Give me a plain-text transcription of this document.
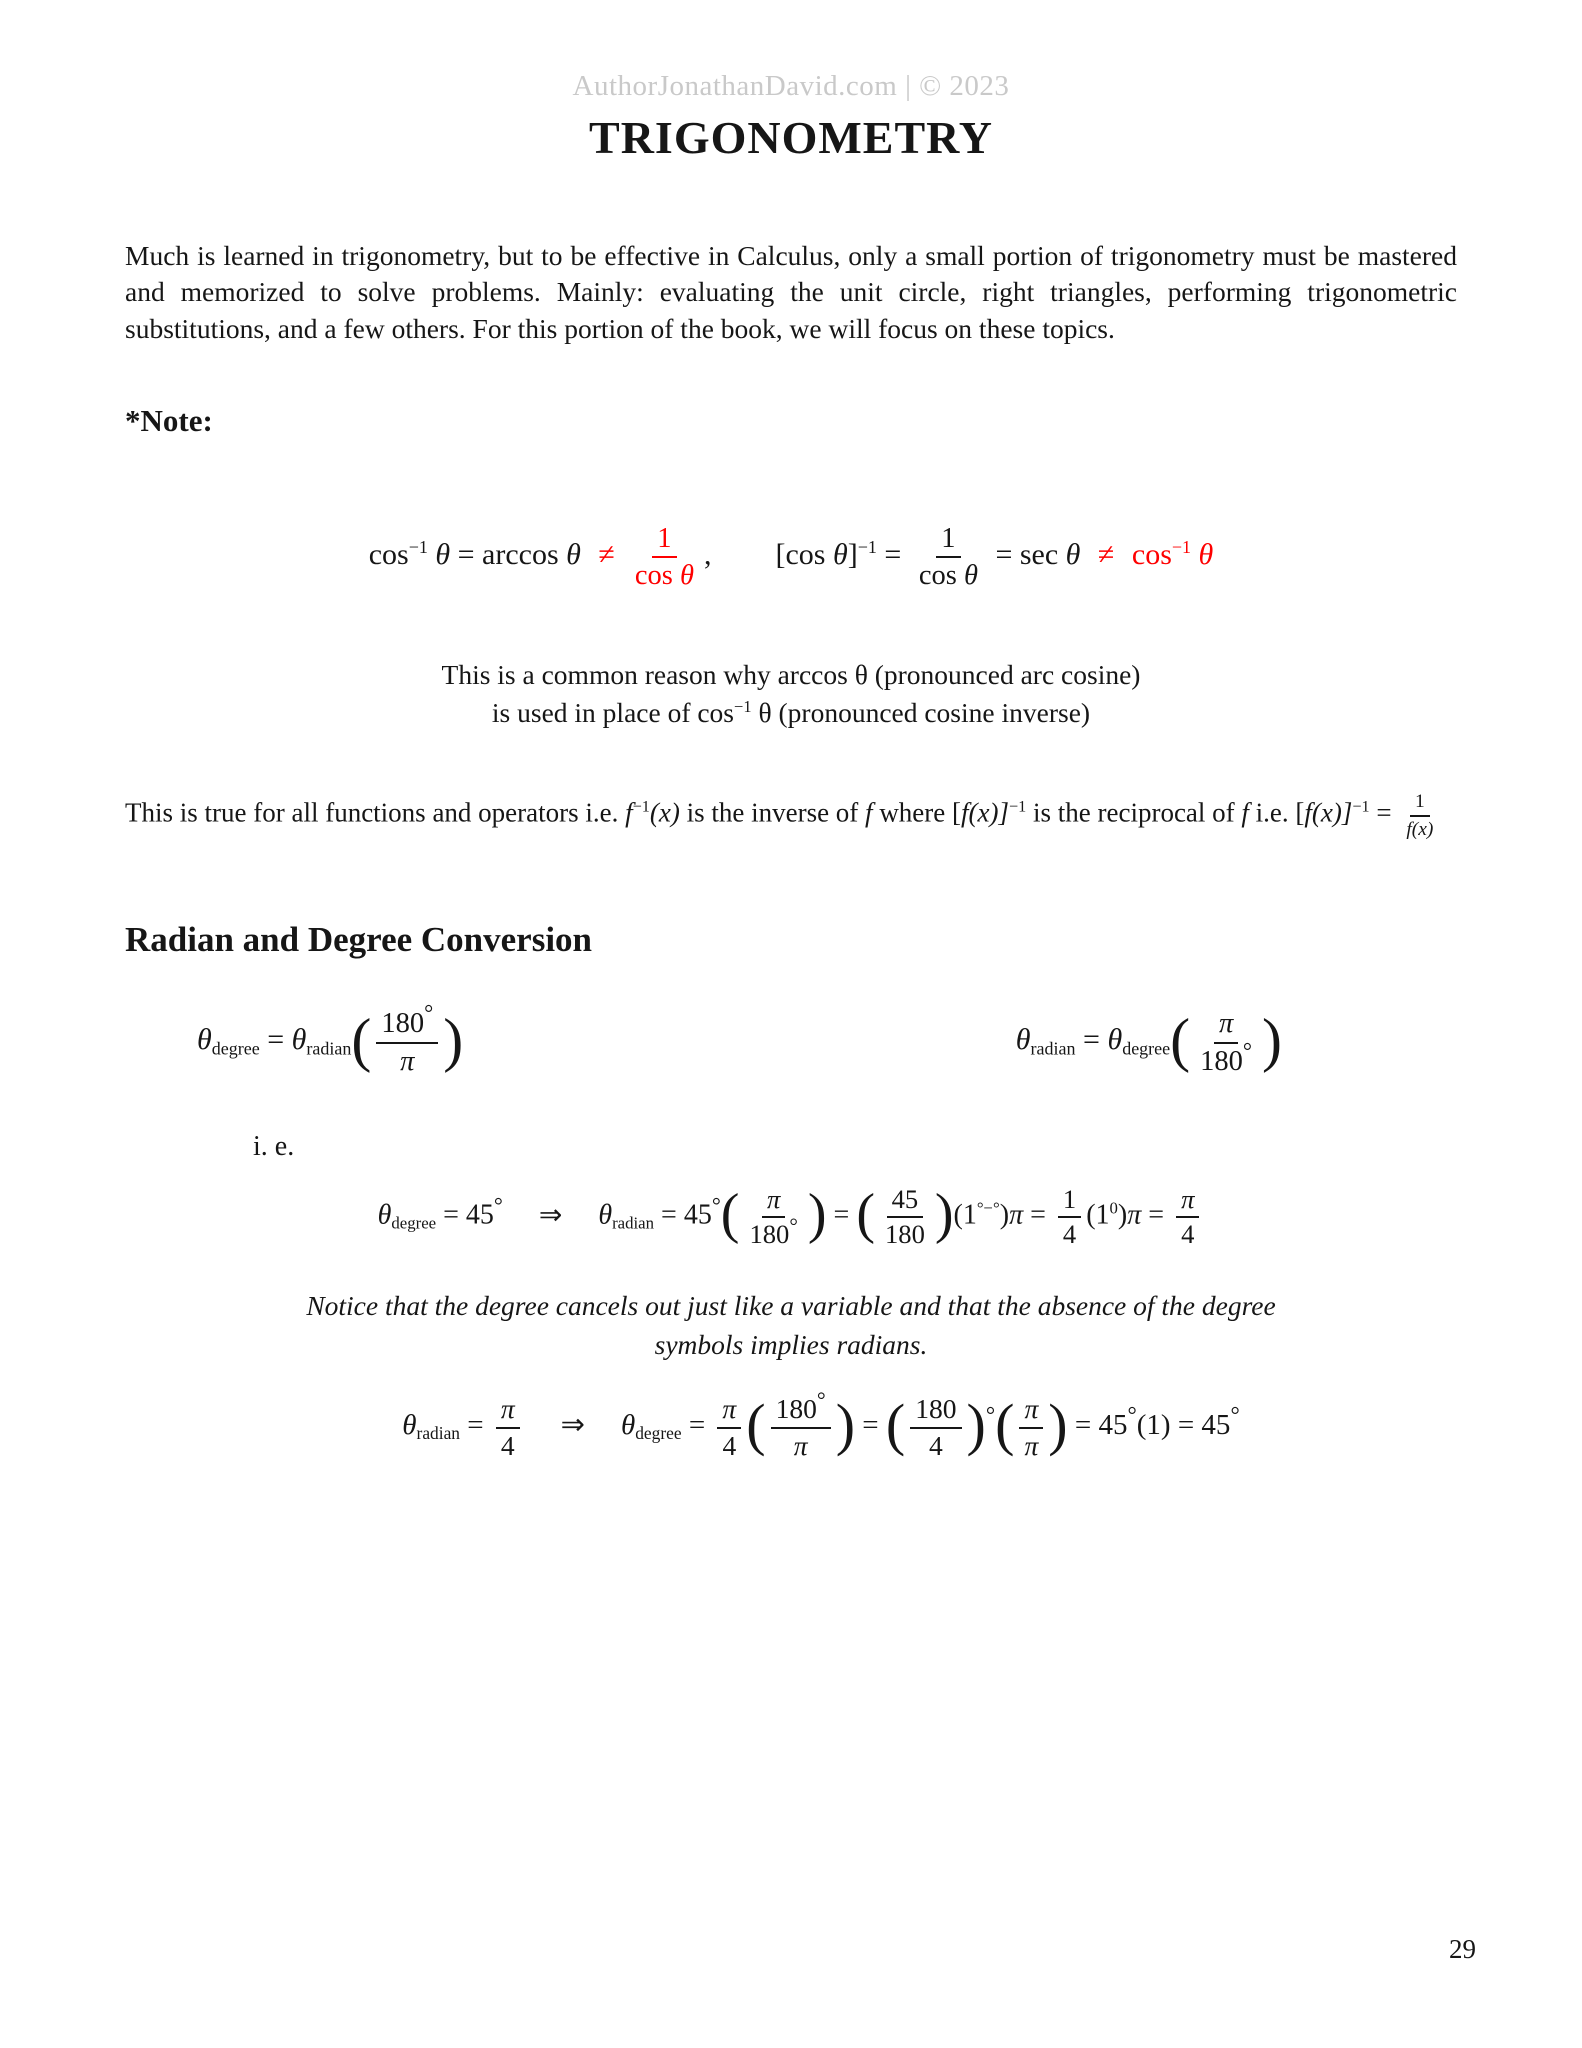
AuthorJonathanDavid.com | © 2023
TRIGONOMETRY

Much is learned in trigonometry, but to be effective in Calculus, only a small portion of trigonometry must be mastered and memorized to solve problems. Mainly: evaluating the unit circle, right triangles, performing trigonometric substitutions, and a few others. For this portion of the book, we will focus on these topics.

*Note:
$\cos^{-1} \theta = \arccos \theta \ne \frac{1}{\text{cos θ}}$ , [cos $\theta]^{-1} = \frac{1}{\text{cos θ}} = \sec \theta \ne \cos^{-1} \theta$
This is a common reason why arccos θ (pronounced arc cosine)
is used in place of $\cos^{-1} \theta$ (pronounced cosine inverse)

This is true for all functions and operators i.e. $f^{-1}(x)$ is the inverse of f where $[f(x)]^{-1}$ is the reciprocal of f i.e. $[f(x)]^{-1} = \frac{1}{f(x)}$

Radian and Degree Conversion
$\theta_{degree} = \theta_{radian}( \frac{180^\circ}{\pi}$ )	$\theta_{radian} = \theta_{degree}( \frac{\pi}{180^\circ}$ )
i. e.
$\theta_{degree} = 45^\circ$ ⇒ $\theta_{radian} = 45^\circ( \frac{\pi}{180^\circ}$ ) = ( $\frac{45}{180} )(1^{^\circ-^\circ})\pi = \frac{1}{4} (1^0)\pi = \frac{\pi}{4}$
Notice that the degree cancels out just like a variable and that the absence of the degree
symbols implies radians.
$\theta_{radian} = \frac{\pi}{4}$ ⇒ $\theta_{degree} = \frac{\pi}{4}$ ( $\frac{180^\circ}{\pi}$ ) = ( $\frac{180}{4} )^\circ( \frac{\pi}{\pi}$ ) = 45°(1) = 45°
29
